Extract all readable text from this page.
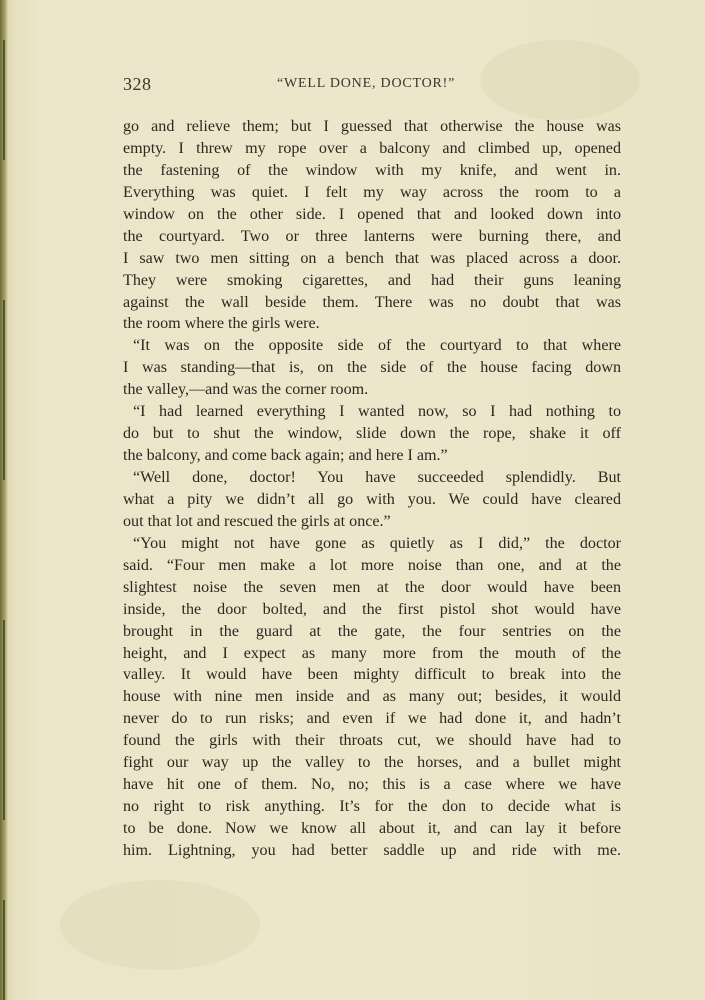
328	“WELL DONE, DOCTOR!”
go and relieve them; but I guessed that otherwise the house was
empty. I threw my rope over a balcony and climbed up, opened
the fastening of the window with my knife, and went in.
Everything was quiet. I felt my way across the room to a
window on the other side. I opened that and looked down into
the courtyard. Two or three lanterns were burning there, and
I saw two men sitting on a bench that was placed across a door.
They were smoking cigarettes, and had their guns leaning
against the wall beside them. There was no doubt that was
the room where the girls were.
“It was on the opposite side of the courtyard to that where
I was standing—that is, on the side of the house facing down
the valley,—and was the corner room.
“I had learned everything I wanted now, so I had nothing to
do but to shut the window, slide down the rope, shake it off
the balcony, and come back again; and here I am.”
“Well done, doctor! You have succeeded splendidly. But
what a pity we didn’t all go with you. We could have cleared
out that lot and rescued the girls at once.”
“You might not have gone as quietly as I did,” the doctor
said. “Four men make a lot more noise than one, and at the
slightest noise the seven men at the door would have been
inside, the door bolted, and the first pistol shot would have
brought in the guard at the gate, the four sentries on the
height, and I expect as many more from the mouth of the
valley. It would have been mighty difficult to break into the
house with nine men inside and as many out; besides, it would
never do to run risks; and even if we had done it, and hadn’t
found the girls with their throats cut, we should have had to
fight our way up the valley to the horses, and a bullet might
have hit one of them. No, no; this is a case where we have
no right to risk anything. It’s for the don to decide what is
to be done. Now we know all about it, and can lay it before
him. Lightning, you had better saddle up and ride with me.
